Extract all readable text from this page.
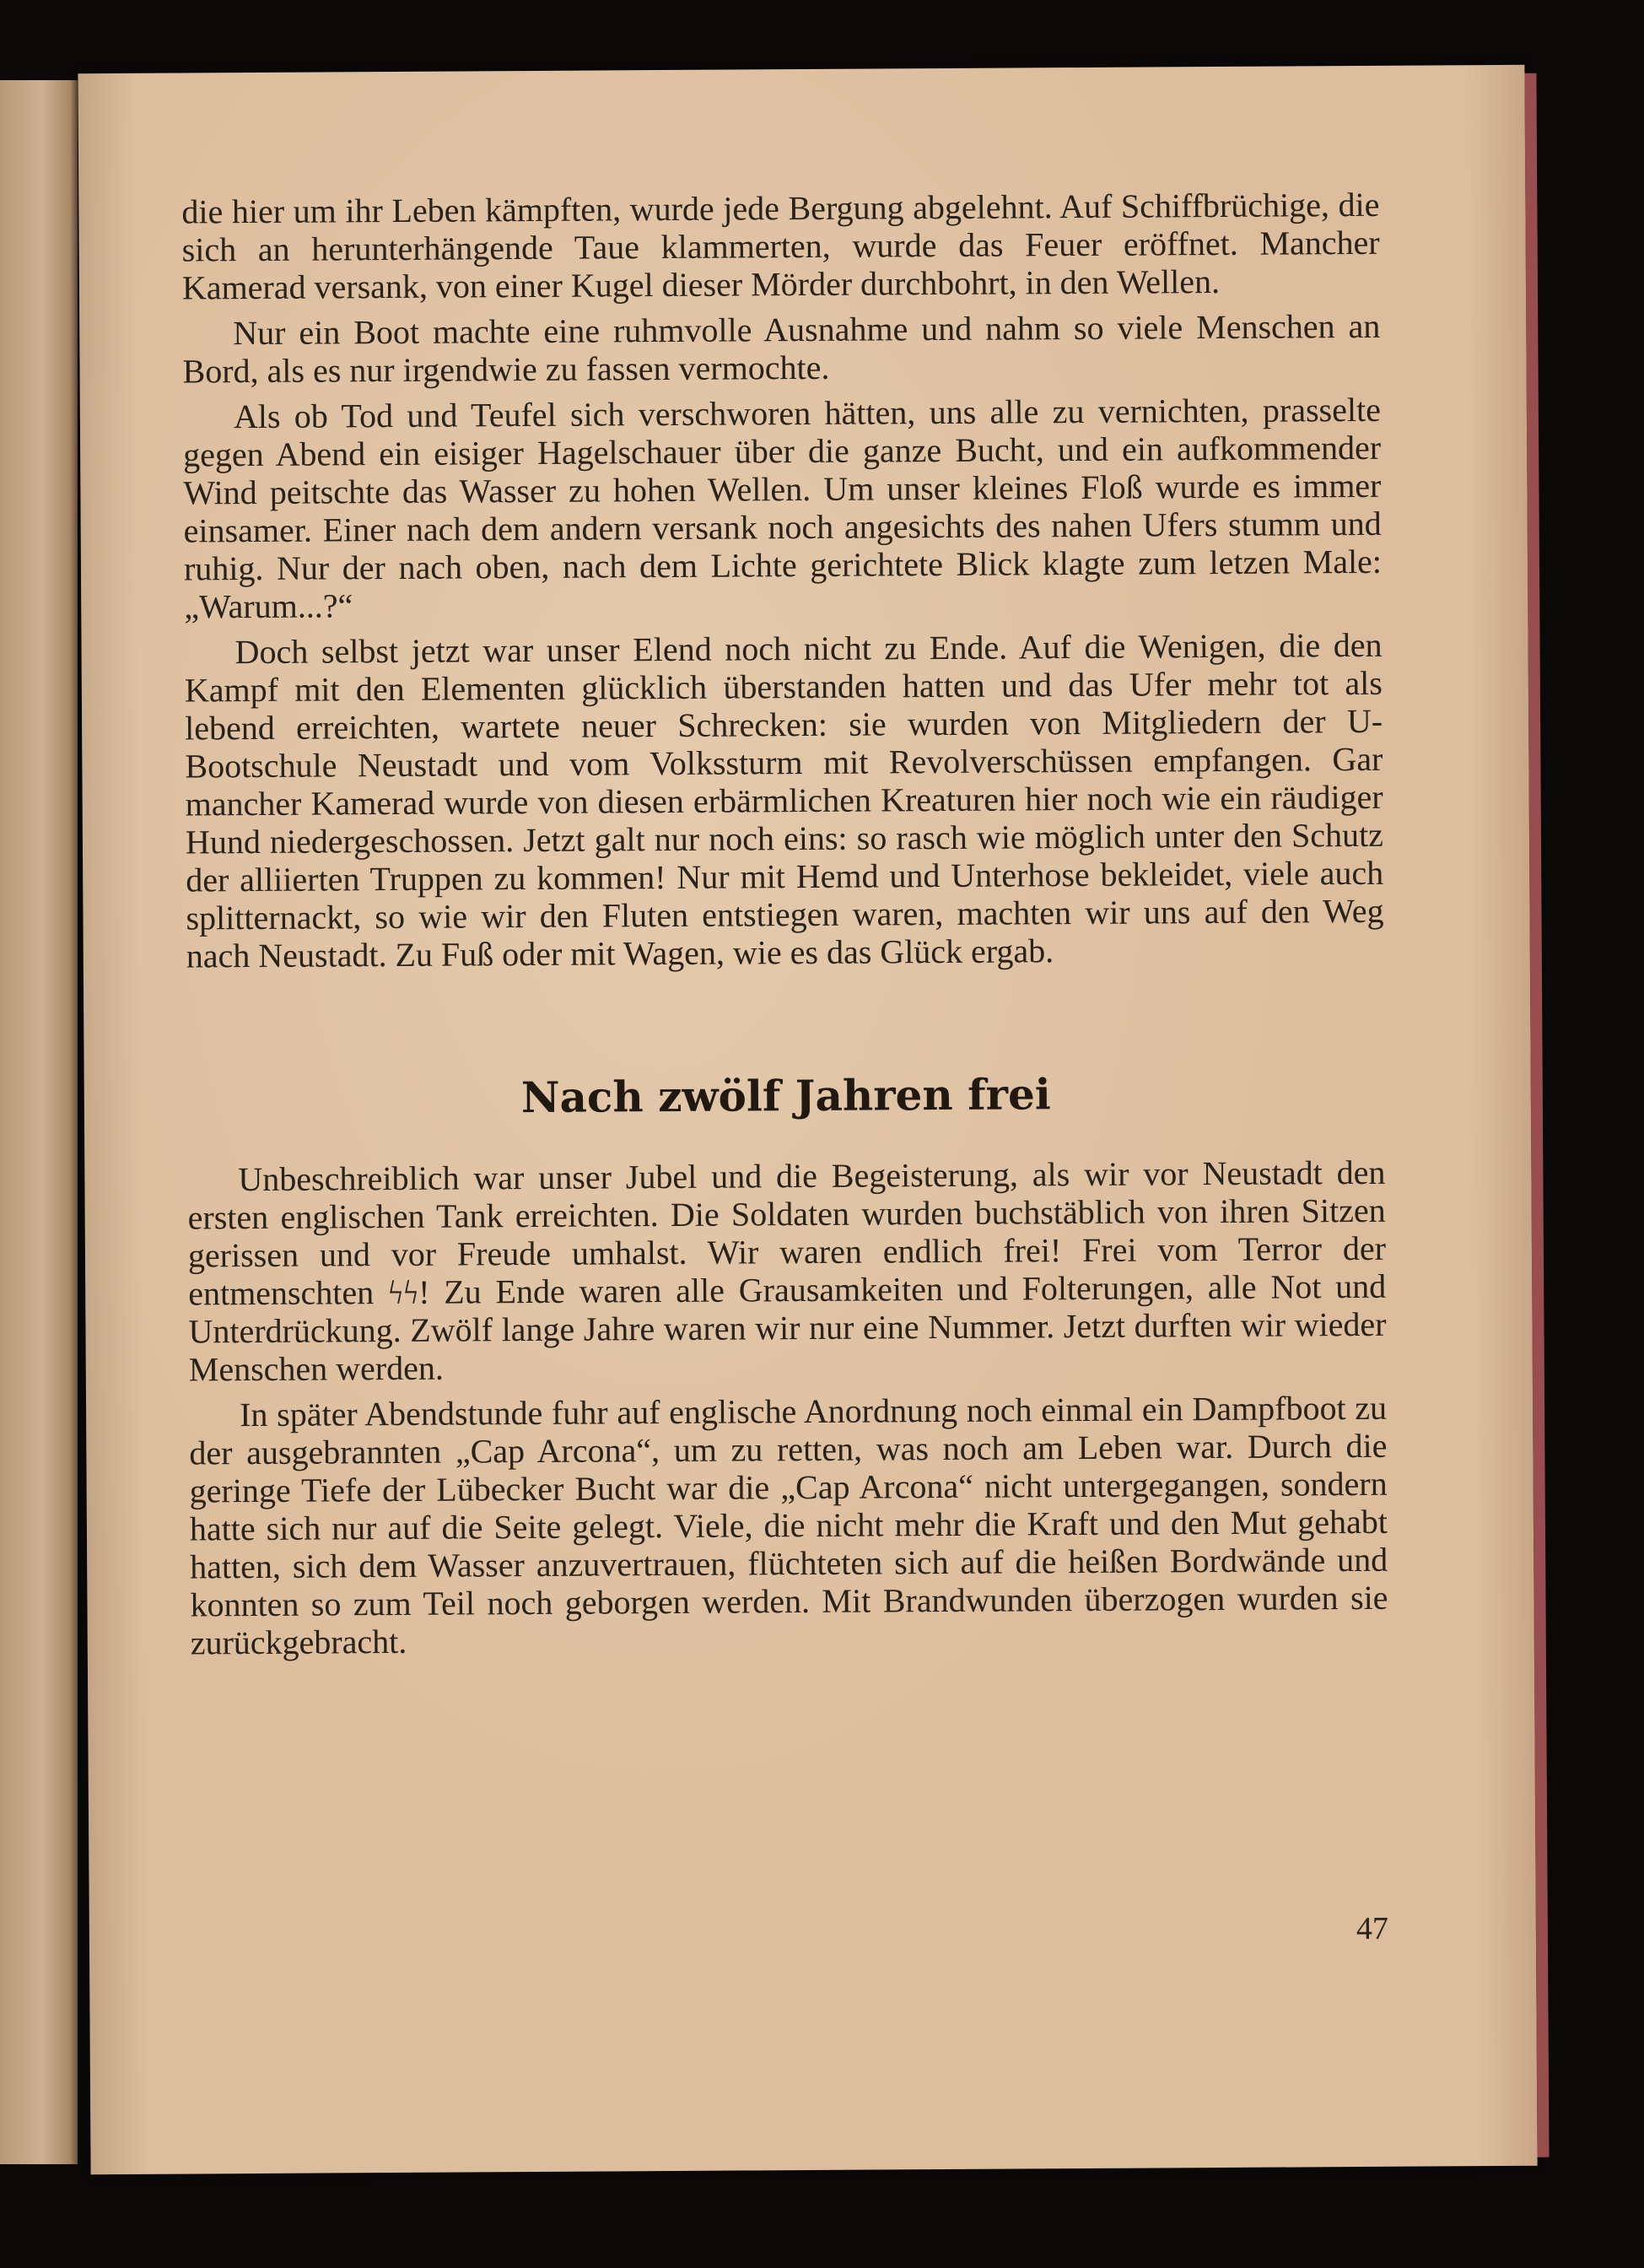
die hier um ihr Leben kämpften, wurde jede Bergung abgelehnt. Auf Schiffbrüchige, die sich an herunterhängende Taue klammerten, wurde das Feuer eröffnet. Mancher Kamerad versank, von einer Kugel dieser Mörder durchbohrt, in den Wellen.

Nur ein Boot machte eine ruhmvolle Ausnahme und nahm so viele Menschen an Bord, als es nur irgendwie zu fassen vermochte.

Als ob Tod und Teufel sich verschworen hätten, uns alle zu vernichten, prasselte gegen Abend ein eisiger Hagelschauer über die ganze Bucht, und ein aufkommender Wind peitschte das Wasser zu hohen Wellen. Um unser kleines Floß wurde es immer einsamer. Einer nach dem andern versank noch angesichts des nahen Ufers stumm und ruhig. Nur der nach oben, nach dem Lichte gerichtete Blick klagte zum letzen Male: „Warum...?“

Doch selbst jetzt war unser Elend noch nicht zu Ende. Auf die Wenigen, die den Kampf mit den Elementen glücklich überstanden hatten und das Ufer mehr tot als lebend erreichten, wartete neuer Schrecken: sie wurden von Mitgliedern der U-Bootschule Neustadt und vom Volkssturm mit Revolverschüssen empfangen. Gar mancher Kamerad wurde von diesen erbärmlichen Kreaturen hier noch wie ein räudiger Hund niedergeschossen. Jetzt galt nur noch eins: so rasch wie möglich unter den Schutz der alliierten Truppen zu kommen! Nur mit Hemd und Unterhose bekleidet, viele auch splitternackt, so wie wir den Fluten entstiegen waren, machten wir uns auf den Weg nach Neustadt. Zu Fuß oder mit Wagen, wie es das Glück ergab.

Nach zwölf Jahren frei

Unbeschreiblich war unser Jubel und die Begeisterung, als wir vor Neustadt den ersten englischen Tank erreichten. Die Soldaten wurden buchstäblich von ihren Sitzen gerissen und vor Freude umhalst. Wir waren endlich frei! Frei vom Terror der entmenschten ϟϟ! Zu Ende waren alle Grausamkeiten und Folterungen, alle Not und Unterdrückung. Zwölf lange Jahre waren wir nur eine Nummer. Jetzt durften wir wieder Menschen werden.

In später Abendstunde fuhr auf englische Anordnung noch einmal ein Dampfboot zu der ausgebrannten „Cap Arcona“, um zu retten, was noch am Leben war. Durch die geringe Tiefe der Lübecker Bucht war die „Cap Arcona“ nicht untergegangen, sondern hatte sich nur auf die Seite gelegt. Viele, die nicht mehr die Kraft und den Mut gehabt hatten, sich dem Wasser anzuvertrauen, flüchteten sich auf die heißen Bordwände und konnten so zum Teil noch geborgen werden. Mit Brandwunden überzogen wurden sie zurückgebracht.

47
